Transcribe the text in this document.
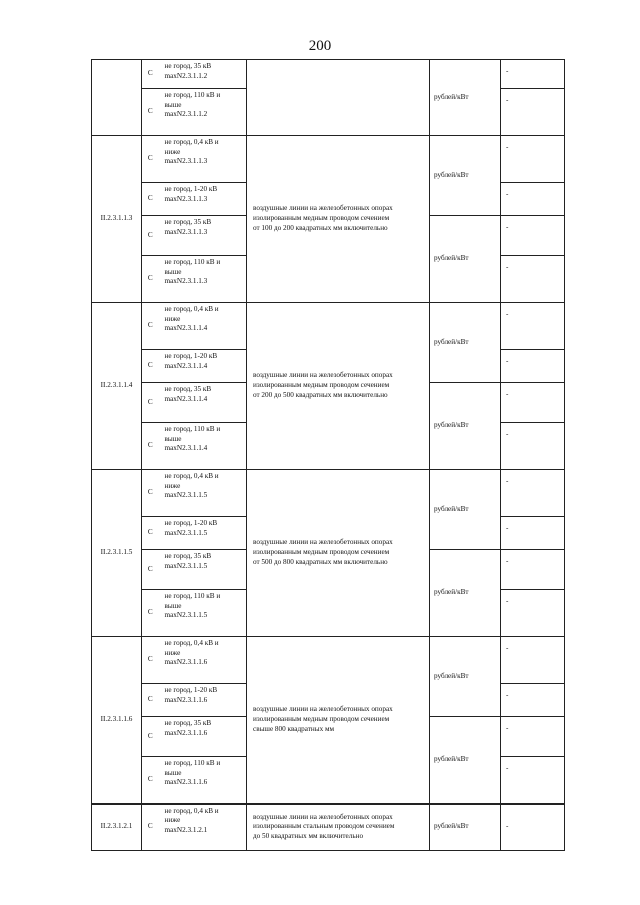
200
	С	не город, 35 кВ
maxN2.3.1.1.2		рублей/кВт	-
	С	не город, 110 кВ и
выше
maxN2.3.1.1.2			-
II.2.3.1.1.3	С	не город, 0,4 кВ и
ниже
maxN2.3.1.1.3	воздушные линии на железобетонных опорах
изолированным медным проводом сечением
от 100 до 200 квадратных мм включительно	рублей/кВт	-
	С	не город, 1-20 кВ
maxN2.3.1.1.3			-
	С	не город, 35 кВ
maxN2.3.1.1.3		рублей/кВт	-
	С	не город, 110 кВ и
выше
maxN2.3.1.1.3			-
II.2.3.1.1.4	С	не город, 0,4 кВ и
ниже
maxN2.3.1.1.4	воздушные линии на железобетонных опорах
изолированным медным проводом сечением
от 200 до 500 квадратных мм включительно	рублей/кВт	-
	С	не город, 1-20 кВ
maxN2.3.1.1.4			-
	С	не город, 35 кВ
maxN2.3.1.1.4		рублей/кВт	-
	С	не город, 110 кВ и
выше
maxN2.3.1.1.4			-
II.2.3.1.1.5	С	не город, 0,4 кВ и
ниже
maxN2.3.1.1.5	воздушные линии на железобетонных опорах
изолированным медным проводом сечением
от 500 до 800 квадратных мм включительно	рублей/кВт	-
	С	не город, 1-20 кВ
maxN2.3.1.1.5			-
	С	не город, 35 кВ
maxN2.3.1.1.5		рублей/кВт	-
	С	не город, 110 кВ и
выше
maxN2.3.1.1.5			-
II.2.3.1.1.6	С	не город, 0,4 кВ и
ниже
maxN2.3.1.1.6	воздушные линии на железобетонных опорах
изолированным медным проводом сечением
свыше 800 квадратных мм	рублей/кВт	-
	С	не город, 1-20 кВ
maxN2.3.1.1.6			-
	С	не город, 35 кВ
maxN2.3.1.1.6		рублей/кВт	-
	С	не город, 110 кВ и
выше
maxN2.3.1.1.6			-
II.2.3.1.2.1	С	не город, 0,4 кВ и
ниже
maxN2.3.1.2.1	воздушные линии на железобетонных опорах
изолированным стальным проводом сечением
до 50 квадратных мм включительно	рублей/кВт	-
